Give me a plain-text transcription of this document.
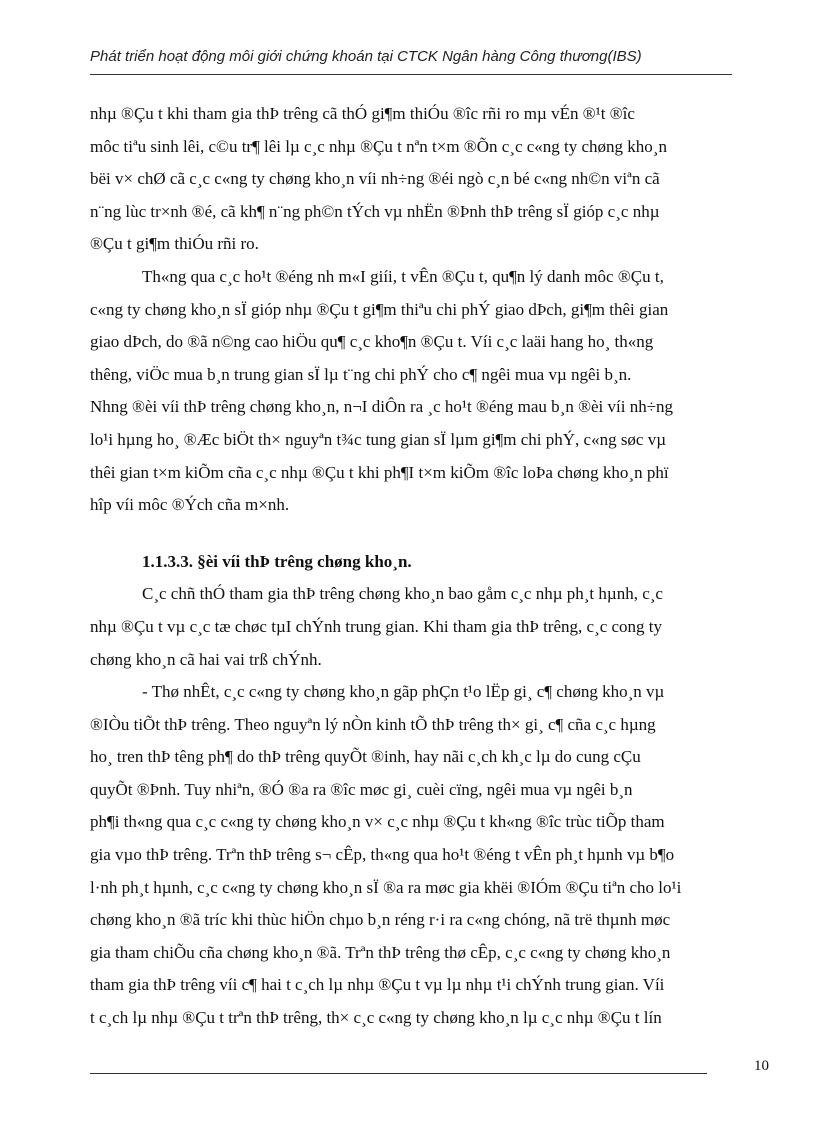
Phát triển hoạt động môi giới chứng khoán tại CTCK Ngân hàng Công thương(IBS)
nhµ ®Çu t khi tham gia thÞ trêng cã thÓ gi¶m thiÓu ®îc rñi ro mµ vÉn ®¹t ®îc
môc tiªu sinh lêi, c©u tr¶ lêi lµ c¸c nhµ ®Çu t nªn t×m ®Õn c¸c c«ng ty chøng kho¸n
bëi v× chØ cã c¸c c«ng ty chøng kho¸n víi nh÷ng ®éi ngò c¸n bé c«ng nh©n viªn cã
n¨ng lùc tr×nh ®é, cã kh¶ n¨ng ph©n tÝch vµ nhËn ®Þnh thÞ trêng sÏ gióp c¸c nhµ
®Çu t gi¶m thiÓu rñi ro.
Th«ng qua c¸c ho¹t ®éng nh m«I giíi, t vÊn ®Çu t, qu¶n lý danh môc ®Çu t,
c«ng ty chøng kho¸n sÏ gióp nhµ ®Çu t gi¶m thiªu chi phÝ giao dÞch, gi¶m thêi gian
giao dÞch, do ®ã n©ng cao hiÖu qu¶ c¸c kho¶n ®Çu t. Víi c¸c laäi hang ho¸ th«ng
thêng, viÖc mua b¸n trung gian sÏ lµ t¨ng chi phÝ cho c¶ ngêi mua vµ ngêi b¸n.
Nhng ®èi víi thÞ trêng chøng kho¸n, n¬I diÔn ra ¸c ho¹t ®éng mau b¸n ®èi víi nh÷ng
lo¹i hµng ho¸ ®Æc biÖt th× nguyªn t¾c tung gian sÏ lµm gi¶m chi phÝ, c«ng søc vµ
thêi gian t×m kiÕm cña c¸c nhµ ®Çu t khi ph¶I t×m kiÕm ®îc loÞa chøng kho¸n phï
hîp víi môc ®Ých cña m×nh.
1.1.3.3. §èi víi thÞ trêng chøng kho¸n.
C¸c chñ thÓ tham gia thÞ trêng chøng kho¸n bao gåm c¸c nhµ ph¸t hµnh, c¸c
nhµ ®Çu t vµ c¸c tæ chøc tµI chÝnh trung gian. Khi tham gia thÞ trêng, c¸c cong ty
chøng kho¸n cã hai vai trß chÝnh.
- Thø nhÊt, c¸c c«ng ty chøng kho¸n gãp phÇn t¹o lËp gi¸ c¶ chøng kho¸n vµ
®IÒu tiÕt thÞ trêng. Theo nguyªn lý nÒn kinh tÕ thÞ trêng th× gi¸ c¶ cña c¸c hµng
ho¸ tren thÞ têng ph¶ do thÞ trêng quyÕt ®inh, hay nãi c¸ch kh¸c lµ do cung cÇu
quyÕt ®Þnh. Tuy nhiªn, ®Ó ®a ra ®îc møc gi¸ cuèi cïng, ngêi mua vµ ngêi b¸n
ph¶i th«ng qua c¸c c«ng ty chøng kho¸n v× c¸c nhµ ®Çu t kh«ng ®îc trùc tiÕp tham
gia vµo thÞ trêng. Trªn thÞ trêng s¬ cÊp, th«ng qua ho¹t ®éng t vÊn ph¸t hµnh vµ b¶o
l·nh ph¸t hµnh, c¸c c«ng ty chøng kho¸n sÏ ®a ra møc gia khëi ®IÓm ®Çu tiªn cho lo¹i
chøng kho¸n ®ã tríc khi thùc hiÖn chµo b¸n réng r·i ra c«ng chóng, nã trë thµnh møc
gia tham chiÕu cña chøng kho¸n ®ã. Trªn thÞ trêng thø cÊp, c¸c c«ng ty chøng kho¸n
tham gia thÞ trêng víi c¶ hai t c¸ch lµ nhµ ®Çu t vµ lµ nhµ t¹i chÝnh trung gian. Víi
t c¸ch lµ nhµ ®Çu t trªn thÞ trêng, th× c¸c c«ng ty chøng kho¸n lµ c¸c nhµ ®Çu t lín
10
